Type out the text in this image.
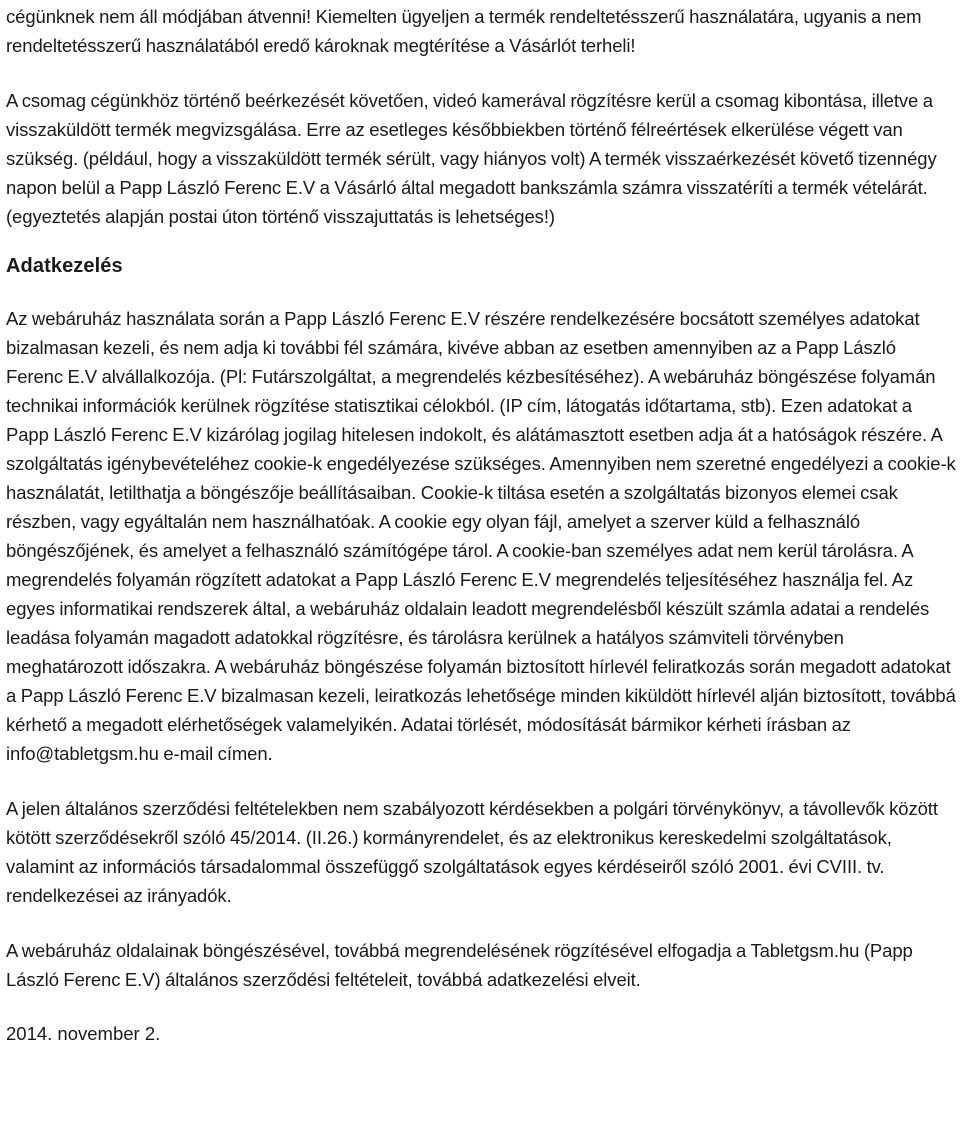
cégünknek nem áll módjában átvenni! Kiemelten ügyeljen a termék rendeltetésszerű használatára, ugyanis a nem rendeltetésszerű használatából eredő károknak megtérítése a Vásárlót terheli!

A csomag cégünkhöz történő beérkezését követően, videó kamerával rögzítésre kerül a csomag kibontása, illetve a visszaküldött termék megvizsgálása. Erre az esetleges későbbiekben történő félreértések elkerülése végett van szükség. (például, hogy a visszaküldött termék sérült, vagy hiányos volt) A termék visszaérkezését követő tizennégy napon belül a Papp László Ferenc E.V a Vásárló által megadott bankszámla számra visszatéríti a termék vételárát. (egyeztetés alapján postai úton történő visszajuttatás is lehetséges!)

Adatkezelés

Az webáruház használata során a Papp László Ferenc E.V részére rendelkezésére bocsátott személyes adatokat bizalmasan kezeli, és nem adja ki további fél számára, kivéve abban az esetben amennyiben az a Papp László Ferenc E.V alvállalkozója. (Pl: Futárszolgáltat, a megrendelés kézbesítéséhez). A webáruház böngészése folyamán technikai információk kerülnek rögzítése statisztikai célokból. (IP cím, látogatás időtartama, stb). Ezen adatokat a Papp László Ferenc E.V kizárólag jogilag hitelesen indokolt, és alátámasztott esetben adja át a hatóságok részére. A szolgáltatás igénybevételéhez cookie-k engedélyezése szükséges. Amennyiben nem szeretné engedélyezi a cookie-k használatát, letilthatja a böngészője beállításaiban. Cookie-k tiltása esetén a szolgáltatás bizonyos elemei csak részben, vagy egyáltalán nem használhatóak. A cookie egy olyan fájl, amelyet a szerver küld a felhasználó böngészőjének, és amelyet a felhasználó számítógépe tárol. A cookie-ban személyes adat nem kerül tárolásra. A megrendelés folyamán rögzített adatokat a Papp László Ferenc E.V megrendelés teljesítéséhez használja fel. Az egyes informatikai rendszerek által, a webáruház oldalain leadott megrendelésből készült számla adatai a rendelés leadása folyamán magadott adatokkal rögzítésre, és tárolásra kerülnek a hatályos számviteli törvényben meghatározott időszakra. A webáruház böngészése folyamán biztosított hírlevél feliratkozás során megadott adatokat a Papp László Ferenc E.V bizalmasan kezeli, leiratkozás lehetősége minden kiküldött hírlevél alján biztosított, továbbá kérhető a megadott elérhetőségek valamelyikén. Adatai törlését, módosítását bármikor kérheti írásban az info@tabletgsm.hu e-mail címen.

A jelen általános szerződési feltételekben nem szabályozott kérdésekben a polgári törvénykönyv, a távollevők között kötött szerződésekről szóló 45/2014. (II.26.) kormányrendelet, és az elektronikus kereskedelmi szolgáltatások, valamint az információs társadalommal összefüggő szolgáltatások egyes kérdéseiről szóló 2001. évi CVIII. tv. rendelkezései az irányadók.

A webáruház oldalainak böngészésével, továbbá megrendelésének rögzítésével elfogadja a Tabletgsm.hu (Papp László Ferenc E.V) általános szerződési feltételeit, továbbá adatkezelési elveit.

2014. november 2.
